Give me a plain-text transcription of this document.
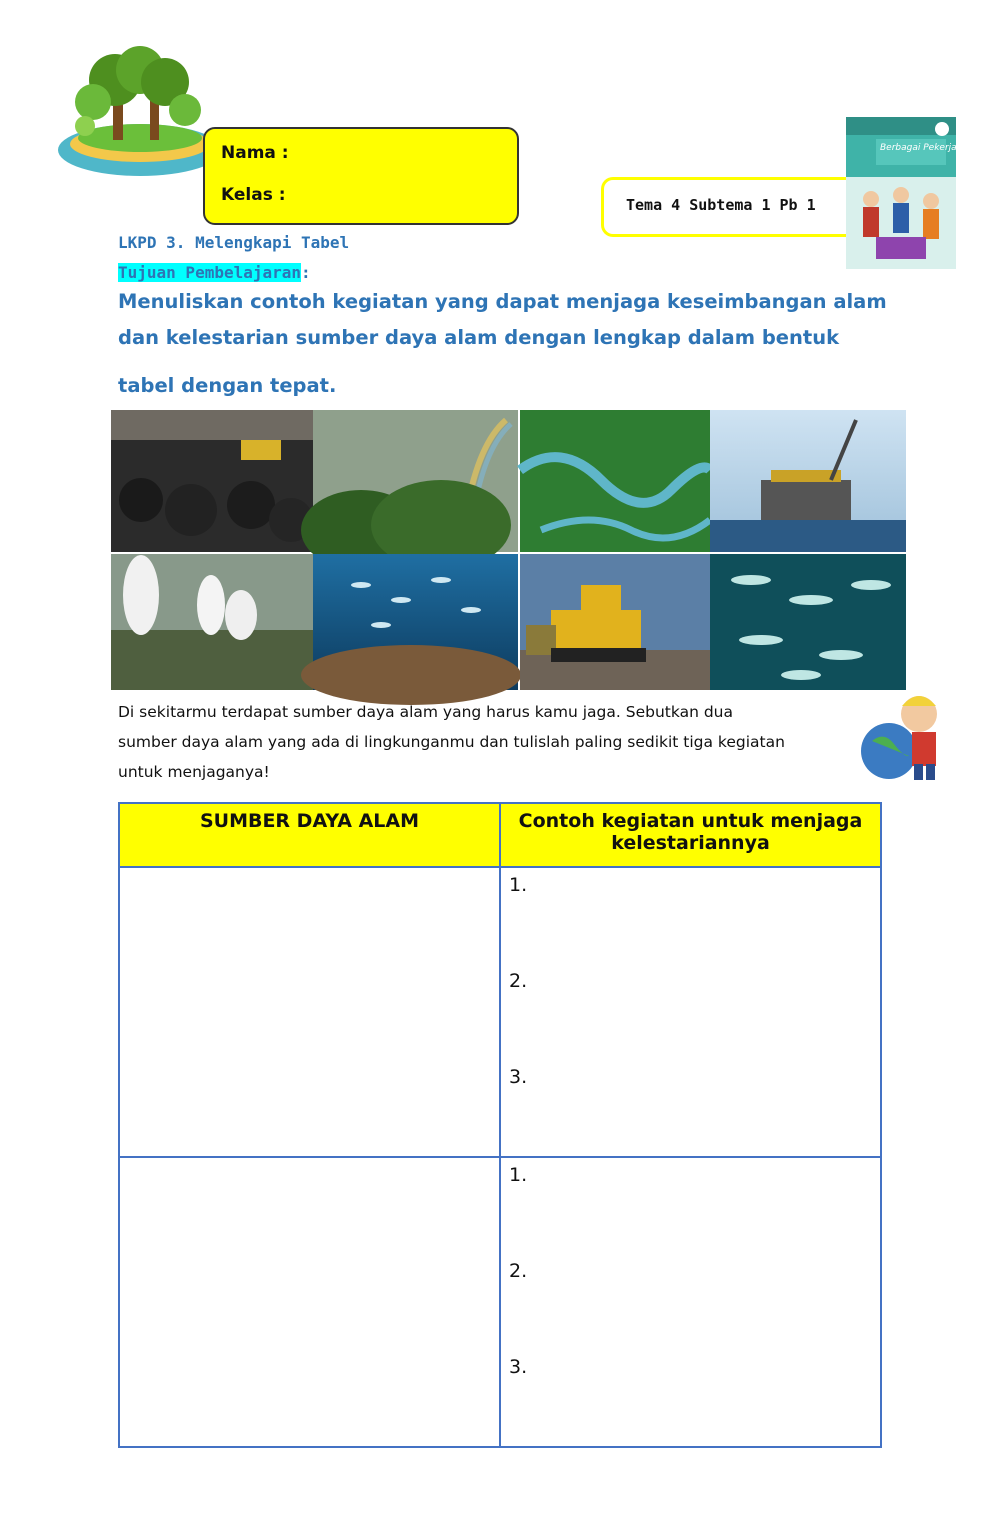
Nama :
Kelas :	Tema 4 Subtema 1 Pb 1
Berbagai Pekerjaan
LKPD 3. Melengkapi Tabel
Tujuan Pembelajaran:
Menuliskan contoh kegiatan yang dapat menjaga keseimbangan alam
dan kelestarian sumber daya alam dengan lengkap dalam bentuk
tabel dengan tepat.
Di sekitarmu terdapat sumber daya alam yang harus kamu jaga. Sebutkan dua
sumber daya alam yang ada di lingkunganmu dan tulislah paling sedikit tiga kegiatan
untuk menjaganya!
SUMBER DAYA ALAM	Contoh kegiatan untuk menjaga kelestariannya

	1.
2.
3.

	1.
2.
3.
